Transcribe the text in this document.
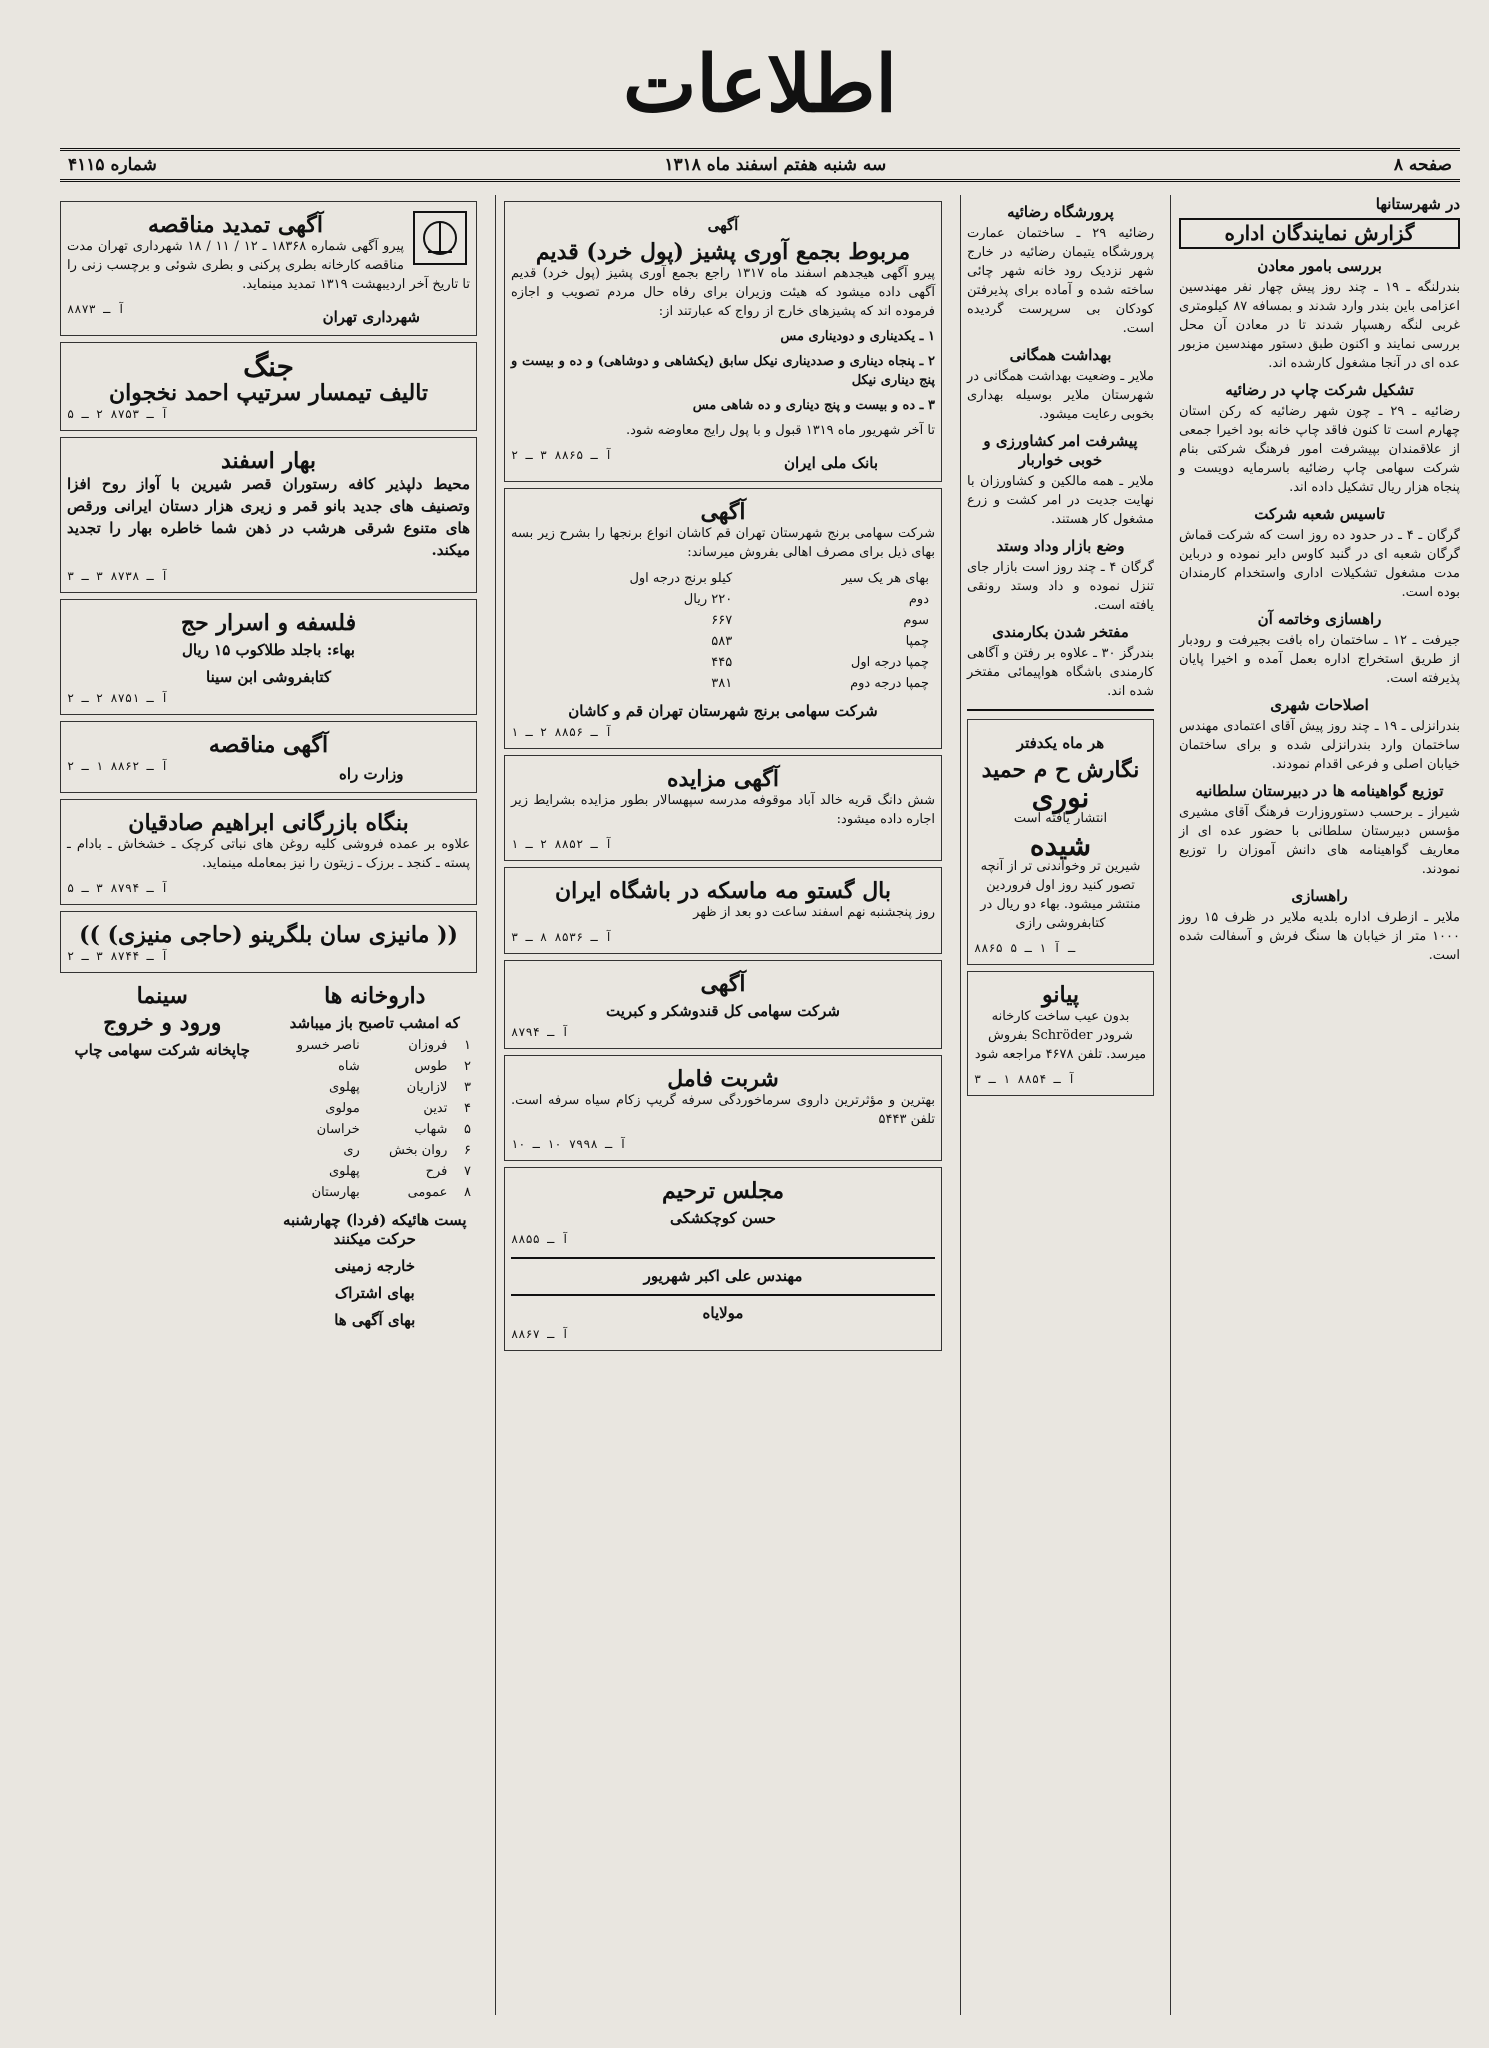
اطلاعات
صفحه ۸
سه شنبه هفتم اسفند ماه ۱۳۱۸
شماره ۴۱۱۵
در شهرستانها
گزارش نمایندگان اداره
بررسی بامور معادن
بندرلنگه ـ ۱۹ ـ چند روز پیش چهار نفر مهندسین اعزامی باین بندر وارد شدند و بمسافه ۸۷ کیلومتری غربی لنگه رهسپار شدند تا در معادن آن محل بررسی نمایند و اکنون طبق دستور مهندسین مزبور عده ای در آنجا مشغول کارشده اند.
تشکیل شرکت چاپ در رضائیه
رضائیه ـ ۲۹ ـ چون شهر رضائیه که رکن استان چهارم است تا کنون فاقد چاپ خانه بود اخیرا جمعی از علاقمندان بپیشرفت امور فرهنگ شرکتی بنام شرکت سهامی چاپ رضائیه باسرمایه دویست و پنجاه هزار ریال تشکیل داده اند.
تاسیس شعبه شرکت
گرگان ـ ۴ ـ در حدود ده روز است که شرکت قماش گرگان شعبه ای در گنبد کاوس دایر نموده و درباین مدت مشغول تشکیلات اداری واستخدام کارمندان بوده است.
راهسازی وخاتمه آن
جیرفت ـ ۱۲ ـ ساختمان راه بافت بجیرفت و رودبار از طریق استخراج اداره بعمل آمده و اخیرا پایان پذیرفته است.
اصلاحات شهری
بندرانزلی ـ ۱۹ ـ چند روز پیش آقای اعتمادی مهندس ساختمان وارد بندرانزلی شده و برای ساختمان خیابان اصلی و فرعی اقدام نمودند.
توزیع گواهینامه ها در دبیرستان سلطانیه
شیراز ـ برحسب دستوروزارت فرهنگ آقای مشیری مؤسس دبیرستان سلطانی با حضور عده ای از معاریف گواهینامه های دانش آموزان را توزیع نمودند.
راهسازی
ملایر ـ ازطرف اداره بلدیه ملایر در ظرف ۱۵ روز ۱۰۰۰ متر از خیابان ها سنگ فرش و آسفالت شده است.
پرورشگاه رضائیه
رضائیه ۲۹ ـ ساختمان عمارت پرورشگاه یتیمان رضائیه در خارج شهر نزدیک رود خانه شهر چائی ساخته شده و آماده برای پذیرفتن کودکان بی سرپرست گردیده است.
بهداشت همگانی
ملایر ـ وضعیت بهداشت همگانی در شهرستان ملایر بوسیله بهداری بخوبی رعایت میشود.
پیشرفت امر کشاورزی و خوبی خواربار
ملایر ـ همه مالکین و کشاورزان با نهایت جدیت در امر کشت و زرع مشغول کار هستند.
وضع بازار وداد وستد
گرگان ۴ ـ چند روز است بازار جای تنزل نموده و داد وستد رونقی یافته است.
مفتخر شدن بکارمندی
بندرگز ۳۰ ـ علاوه بر رفتن و آگاهی کارمندی باشگاه هواپیمائی مفتخر شده اند.
هر ماه یکدفتر
نگارش ح م حمید
نوری
انتشار یافته است
شیده
شیرین تر وخواندنی تر از آنچه تصور کنید روز اول فروردین منتشر میشود. بهاء دو ریال در کتابفروشی رازی
۸۸۶۵ ـ آ ۱ ـ ۵
پیانو
بدون عیب ساخت کارخانه شرودر Schröder بفروش میرسد. تلفن ۴۶۷۸ مراجعه شود
آ ـ ۸۸۵۴ ۱ ـ ۳
آگهی
مربوط بجمع آوری پشیز (پول خرد) قدیم
پیرو آگهی هیجدهم اسفند ماه ۱۳۱۷ راجع بجمع آوری پشیز (پول خرد) قدیم آگهی داده میشود که هیئت وزیران برای رفاه حال مردم تصویب و اجازه فرموده اند که پشیزهای خارج از رواج که عبارتند از:
۱ ـ یکدیناری و دودیناری مس
۲ ـ پنجاه دیناری و صددیناری نیکل سابق (یکشاهی و دوشاهی) و ده و بیست و پنج دیناری نیکل
۳ ـ ده و بیست و پنج دیناری و ده شاهی مس
تا آخر شهریور ماه ۱۳۱۹ قبول و با پول رایج معاوضه شود.
بانک ملی ایران
آ ـ ۸۸۶۵ ۳ ـ ۲
آگهی
شرکت سهامی برنج شهرستان تهران قم کاشان انواع برنجها را بشرح زیر بسه بهای ذیل برای مصرف اهالی بفروش میرساند:
بهای هر یک سیر	کیلو برنج درجه اول
دوم	۲۲۰ ریال
سوم	۶۶۷
چمپا	۵۸۳
چمپا درجه اول	۴۴۵
چمپا درجه دوم	۳۸۱
شرکت سهامی برنج شهرستان تهران قم و کاشان
آ ـ ۸۸۵۶ ۲ ـ ۱
آگهی مزایده
شش دانگ قریه خالد آباد موقوفه مدرسه سپهسالار بطور مزایده بشرایط زیر اجاره داده میشود:
آ ـ ۸۸۵۲ ۲ ـ ۱
بال گستو مه ماسکه در باشگاه ایران
روز پنجشنبه نهم اسفند ساعت دو بعد از ظهر
آ ـ ۸۵۳۶ ۸ ـ ۳
آگهی
شرکت سهامی کل قندوشکر و کبریت
آ ـ ۸۷۹۴
شربت فامل
بهترین و مؤثرترین داروی سرماخوردگی سرفه گریپ زکام سیاه سرفه است. تلفن ۵۴۴۳
آ ـ ۷۹۹۸ ۱۰ ـ ۱۰
مجلس ترحیم
حسن کوچکشکی
آ ـ ۸۸۵۵
مهندس علی اکبر شهریور
مولایاه
آ ـ ۸۸۶۷
آگهی تمدید مناقصه
پیرو آگهی شماره ۱۸۳۶۸ ـ ۱۲ / ۱۱ / ۱۸ شهرداری تهران مدت مناقصه کارخانه بطری پرکنی و بطری شوئی و برچسب زنی را تا تاریخ آخر اردیبهشت ۱۳۱۹ تمدید مینماید.
شهرداری تهران
آ ـ ۸۸۷۳
جنگ
تالیف تیمسار سرتیپ احمد نخجوان
آ ـ ۸۷۵۳ ۲ ـ ۵
بهار اسفند
محیط دلپذیر کافه رستوران قصر شیرین با آواز روح افزا وتصنیف های جدید بانو قمر و زیری هزار دستان ایرانی ورقص های متنوع شرقی هرشب در ذهن شما خاطره بهار را تجدید میکند.
آ ـ ۸۷۳۸ ۳ ـ ۳
فلسفه و اسرار حج
بهاء: باجلد طلاکوب ۱۵ ریال
کتابفروشی ابن سینا
آ ـ ۸۷۵۱ ۲ ـ ۲
آگهی مناقصه
وزارت راه
آ ـ ۸۸۶۲ ۱ ـ ۲
بنگاه بازرگانی ابراهیم صادقیان
علاوه بر عمده فروشی کلیه روغن های نباتی کرچک ـ خشخاش ـ بادام ـ پسته ـ کنجد ـ برزک ـ زیتون را نیز بمعامله مینماید.
آ ـ ۸۷۹۴ ۳ ـ ۵
(( مانیزی سان بلگرینو (حاجی منیزی) ))
آ ـ ۸۷۴۴ ۳ ـ ۲
داروخانه ها
که امشب تاصبح باز میباشد
۱	فروزان	ناصر خسرو
۲	طوس	شاه
۳	لازاریان	پهلوی
۴	تدین	مولوی
۵	شهاب	خراسان
۶	روان بخش	ری
۷	فرح	پهلوی
۸	عمومی	بهارستان
پست هائیکه (فردا) چهارشنبه حرکت میکنند
خارجه زمینی
بهای اشتراک
بهای آگهی ها
سینما
ورود و خروج
چاپخانه شرکت سهامی چاپ
